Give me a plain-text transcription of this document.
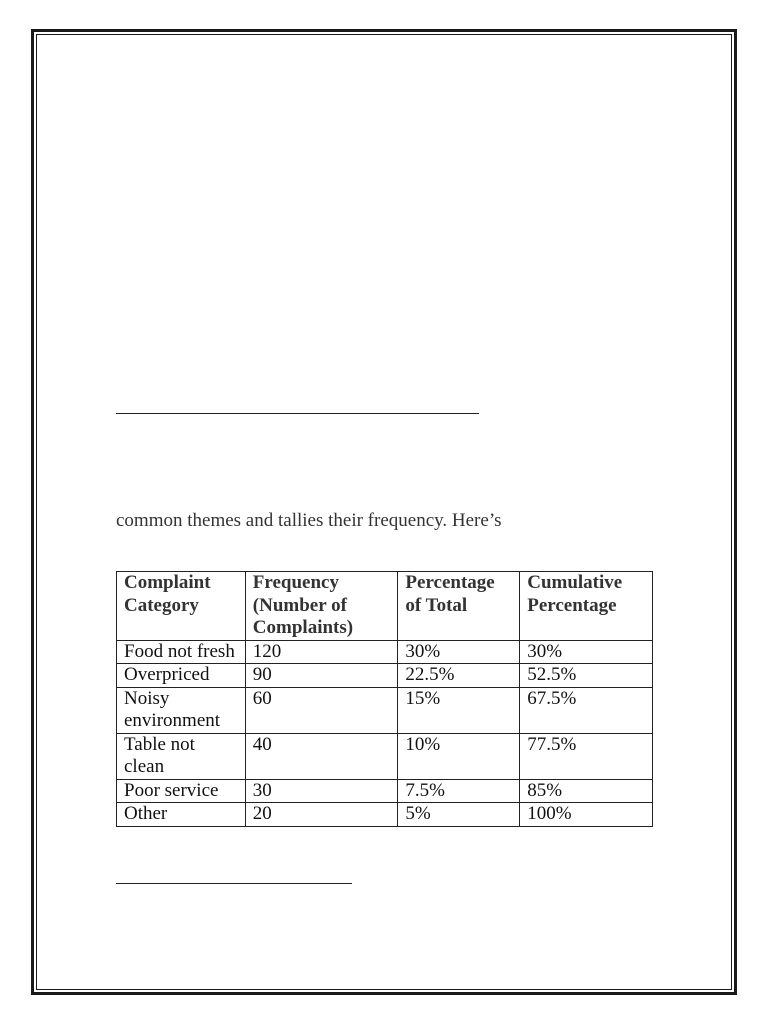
common themes and tallies their frequency. Here’s
Complaint Category	Frequency (Number of Complaints)	Percentage of Total	Cumulative Percentage
Food not fresh	120	30%	30%
Overpriced	90	22.5%	52.5%
Noisy environment	60	15%	67.5%
Table not clean	40	10%	77.5%
Poor service	30	7.5%	85%
Other	20	5%	100%
